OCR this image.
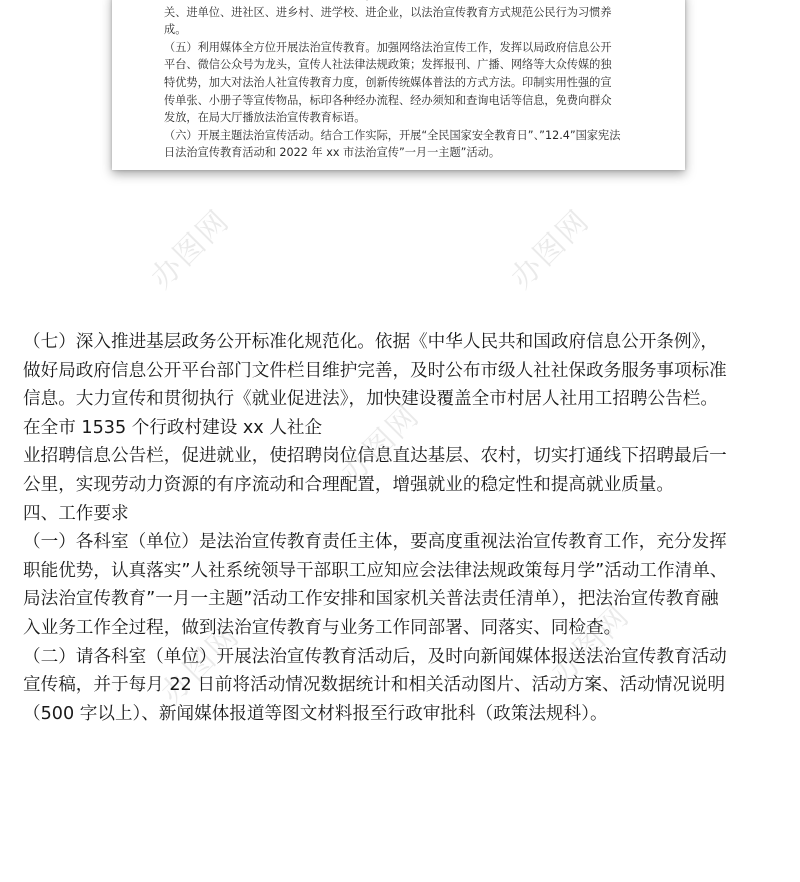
关、进单位、进社区、进乡村、进学校、进企业，以法治宣传教育方式规范公民行为习惯养

成。

（五）利用媒体全方位开展法治宣传教育。加强网络法治宣传工作，发挥以局政府信息公开

平台、微信公众号为龙头，宣传人社法律法规政策；发挥报刊、广播、网络等大众传媒的独

特优势，加大对法治人社宣传教育力度，创新传统媒体普法的方式方法。印制实用性强的宣

传单张、小册子等宣传物品，标印各种经办流程、经办须知和查询电话等信息，免费向群众

发放，在局大厅播放法治宣传教育标语。

（六）开展主题法治宣传活动。结合工作实际，开展“全民国家安全教育日”、”12.4”国家宪法

日法治宣传教育活动和 2022 年 xx 市法治宣传”一月一主题”活动。

办图网	办图网
办图网
办图网
办图网

（七）深入推进基层政务公开标准化规范化。依据《中华人民共和国政府信息公开条例》，

做好局政府信息公开平台部门文件栏目维护完善，及时公布市级人社社保政务服务事项标准

信息。大力宣传和贯彻执行《就业促进法》，加快建设覆盖全市村居人社用工招聘公告栏。

在全市 1535 个行政村建设 xx 人社企

业招聘信息公告栏，促进就业，使招聘岗位信息直达基层、农村，切实打通线下招聘最后一

公里，实现劳动力资源的有序流动和合理配置，增强就业的稳定性和提高就业质量。

四、工作要求

（一）各科室（单位）是法治宣传教育责任主体，要高度重视法治宣传教育工作，充分发挥

职能优势，认真落实”人社系统领导干部职工应知应会法律法规政策每月学”活动工作清单、

局法治宣传教育”一月一主题”活动工作安排和国家机关普法责任清单），把法治宣传教育融

入业务工作全过程，做到法治宣传教育与业务工作同部署、同落实、同检查。

（二）请各科室（单位）开展法治宣传教育活动后，及时向新闻媒体报送法治宣传教育活动

宣传稿，并于每月 22 日前将活动情况数据统计和相关活动图片、活动方案、活动情况说明

（500 字以上）、新闻媒体报道等图文材料报至行政审批科（政策法规科）。
